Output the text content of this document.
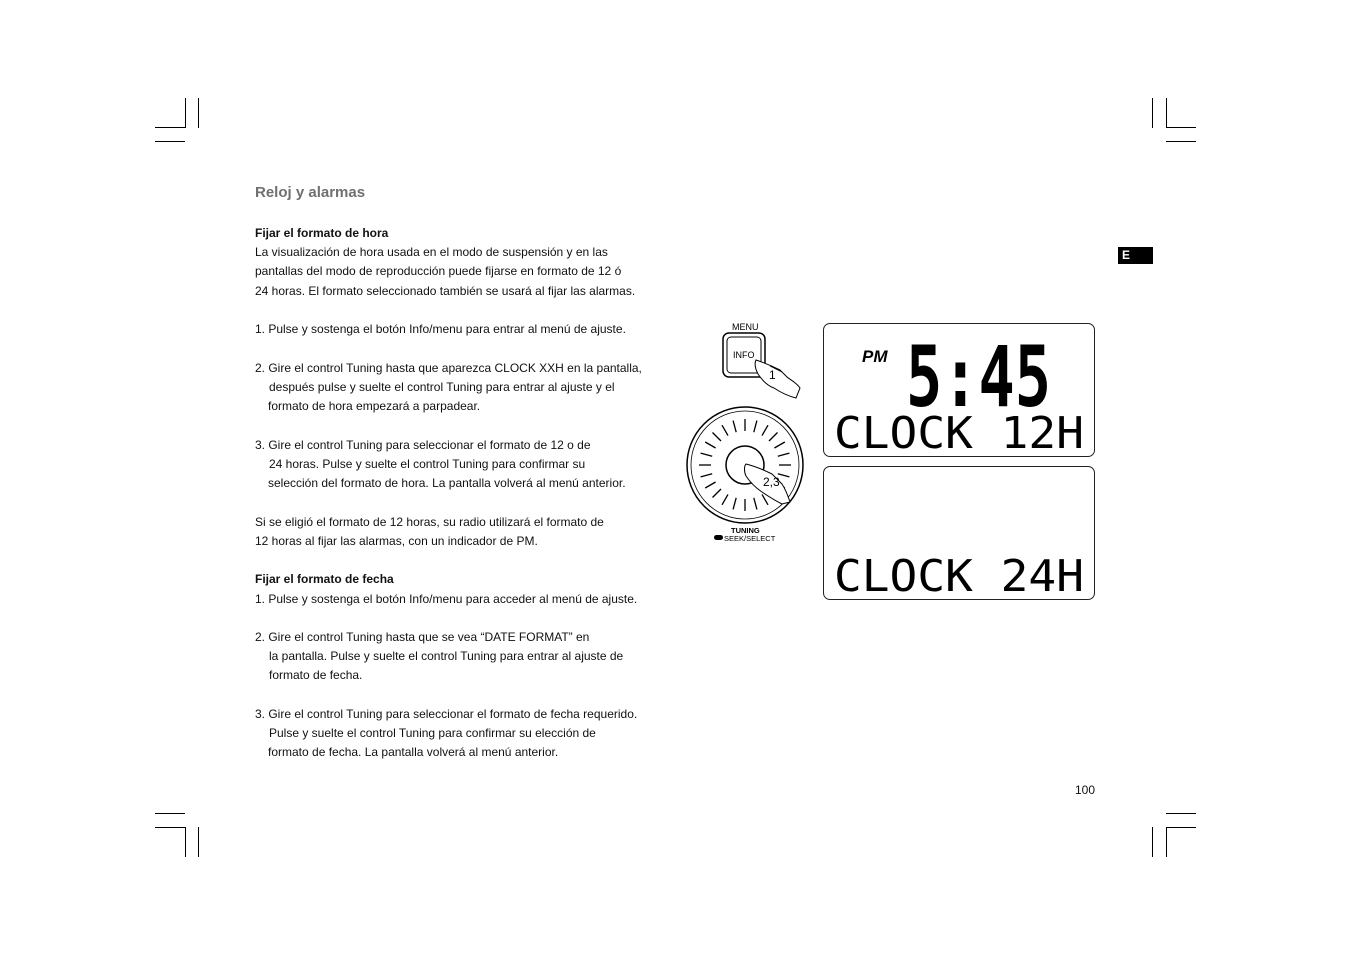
Reloj y alarmas
Fijar el formato de hora
La visualización de hora usada en el modo de suspensión y en las
pantallas del modo de reproducción puede fijarse en formato de 12 ó
24 horas. El formato seleccionado también se usará al fijar las alarmas.
1. Pulse y sostenga el botón Info/menu para entrar al menú de ajuste.
2. Gire el control Tuning hasta que aparezca CLOCK XXH en la pantalla,
después pulse y suelte el control Tuning para entrar al ajuste y el
formato de hora empezará a parpadear.
3. Gire el control Tuning para seleccionar el formato de 12 o de
24 horas. Pulse y suelte el control Tuning para confirmar su
selección del formato de hora. La pantalla volverá al menú anterior.
Si se eligió el formato de 12 horas, su radio utilizará el formato de
12 horas al fijar las alarmas, con un indicador de PM.
Fijar el formato de fecha
1. Pulse y sostenga el botón Info/menu para acceder al menú de ajuste.
2. Gire el control Tuning hasta que se vea “DATE FORMAT” en
la pantalla. Pulse y suelte el control Tuning para entrar al ajuste de
formato de fecha.
3. Gire el control Tuning para seleccionar el formato de fecha requerido.
Pulse y suelte el control Tuning para confirmar su elección de
formato de fecha. La pantalla volverá al menú anterior.
E
100
MENU
INFO
1
2,3
TUNING
SEEK/SELECT
PM 5:45
CLOCK 12H
CLOCK 24H
